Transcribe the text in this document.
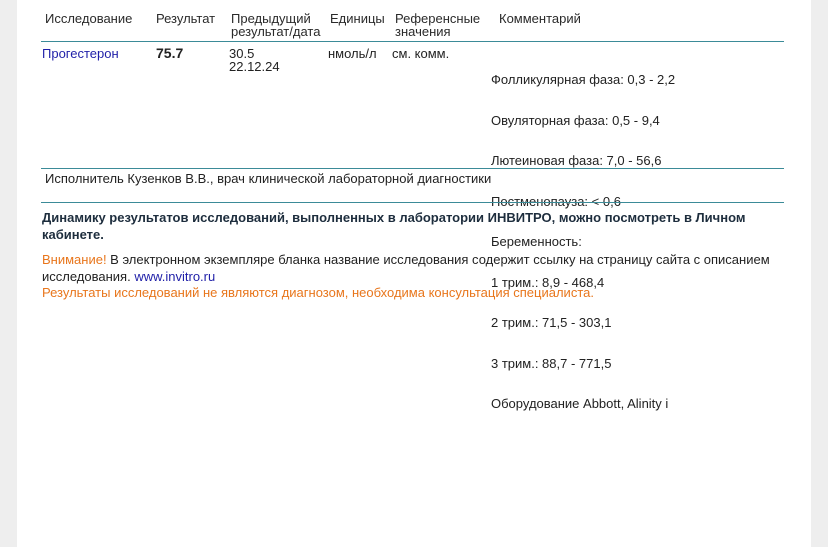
Исследование Результат Предыдущий
результат/дата
Единицы Референсные
значения
Комментарий
Прогестерон	75.7	30.5
22.12.24
нмоль/л см. комм.

Фолликулярная фаза: 0,3 - 2,2

Овуляторная фаза: 0,5 - 9,4

Лютеиновая фаза: 7,0 - 56,6

Постменопауза: < 0,6

Беременность:

1 трим.: 8,9 - 468,4

2 трим.: 71,5 - 303,1

3 трим.: 88,7 - 771,5

Оборудование Abbott, Alinity i

Исполнитель Кузенков В.В., врач клинической лабораторной диагностики
Динамику результатов исследований, выполненных в лаборатории ИНВИТРО, можно посмотреть в Личном кабинете.
Внимание! В электронном экземпляре бланка название исследования содержит ссылку на страницу сайта с описанием исследования. www.invitro.ru
Результаты исследований не являются диагнозом, необходима консультация специалиста.
